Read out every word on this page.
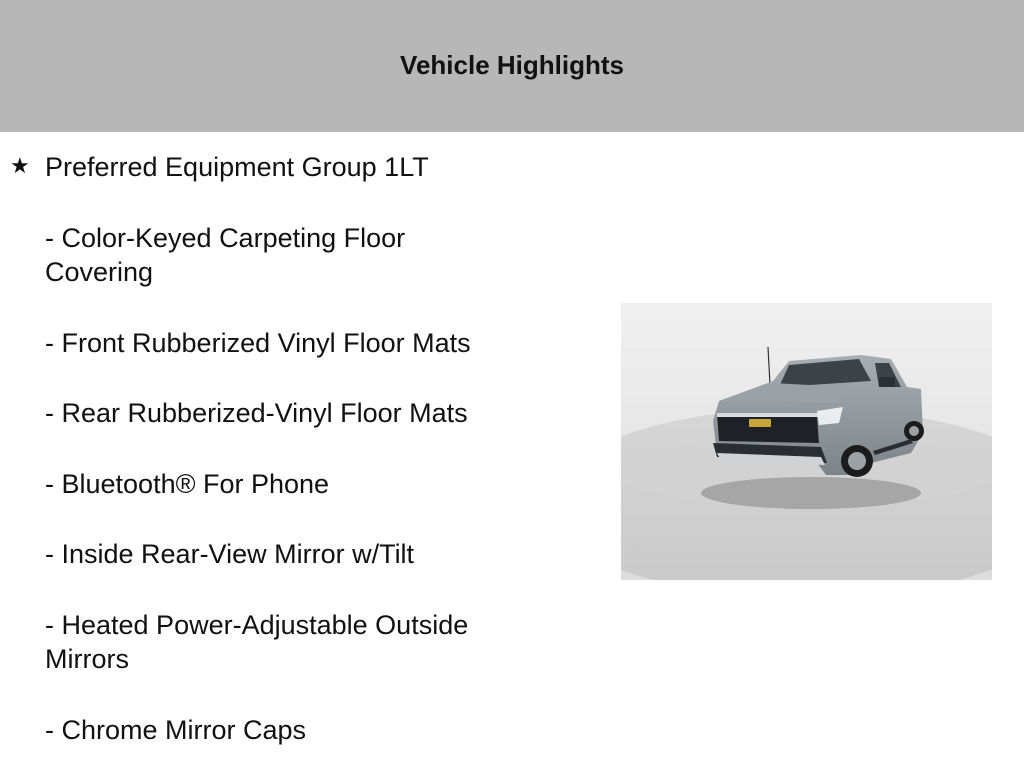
Vehicle Highlights
★ Preferred Equipment Group 1LT
- Color-Keyed Carpeting Floor
Covering
- Front Rubberized Vinyl Floor Mats
- Rear Rubberized-Vinyl Floor Mats
- Bluetooth® For Phone
- Inside Rear-View Mirror w/Tilt
- Heated Power-Adjustable Outside
Mirrors
- Chrome Mirror Caps
